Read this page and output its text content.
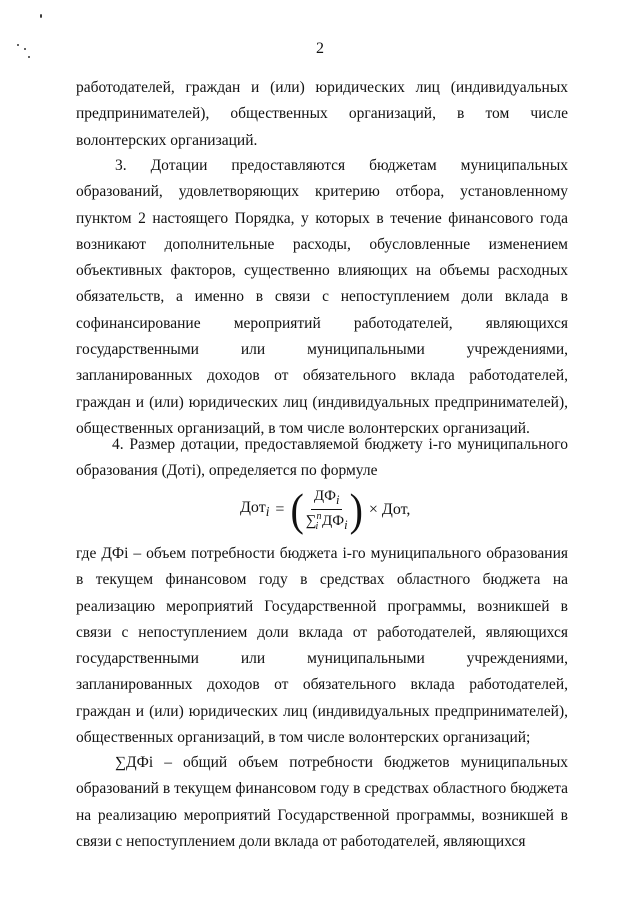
2
работодателей, граждан и (или) юридических лиц (индивидуальных предпринимателей), общественных организаций, в том числе волонтерских организаций.
3. Дотации предоставляются бюджетам муниципальных образований, удовлетворяющих критерию отбора, установленному пунктом 2 настоящего Порядка, у которых в течение финансового года возникают дополнительные расходы, обусловленные изменением объективных факторов, существенно влияющих на объемы расходных обязательств, а именно в связи с непоступлением доли вклада в софинансирование мероприятий работодателей, являющихся государственными или муниципальными учреждениями, запланированных доходов от обязательного вклада работодателей, граждан и (или) юридических лиц (индивидуальных предпринимателей), общественных организаций, в том числе волонтерских организаций.
4. Размер дотации, предоставляемой бюджету i-го муниципального образования (Дотi), определяется по формуле
Дот$_i$ = ( $\frac{ДФ_i}{\sum^n_i ДФ_i}$ ) × Дот,
где ДФi – объем потребности бюджета i-го муниципального образования в текущем финансовом году в средствах областного бюджета на реализацию мероприятий Государственной программы, возникшей в связи с непоступлением доли вклада от работодателей, являющихся государственными или муниципальными учреждениями, запланированных доходов от обязательного вклада работодателей, граждан и (или) юридических лиц (индивидуальных предпринимателей), общественных организаций, в том числе волонтерских организаций;
∑ДФi – общий объем потребности бюджетов муниципальных образований в текущем финансовом году в средствах областного бюджета на реализацию мероприятий Государственной программы, возникшей в связи с непоступлением доли вклада от работодателей, являющихся
